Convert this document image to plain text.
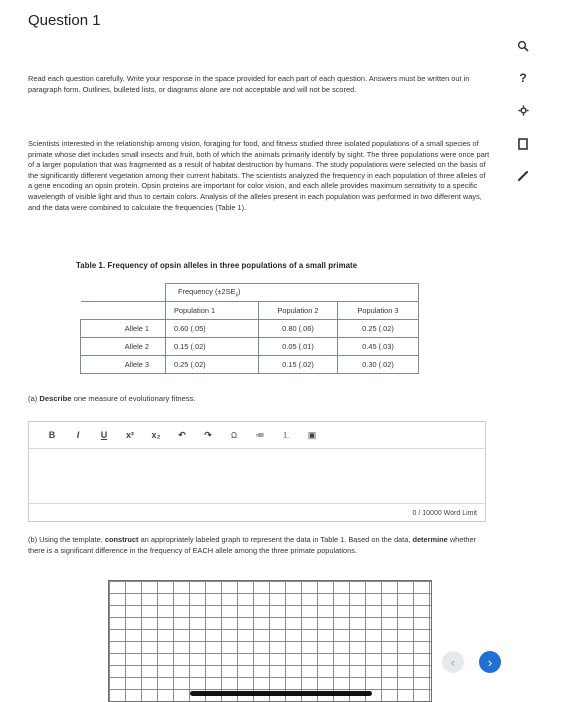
Question 1

Read each question carefully. Write your response in the space provided for each part of each question. Answers must be written out in paragraph form. Outlines, bulleted lists, or diagrams alone are not acceptable and will not be scored.

Scientists interested in the relationship among vision, foraging for food, and fitness studied three isolated populations of a small species of primate whose diet includes small insects and fruit, both of which the animals primarily identify by sight. The three populations were once part of a larger population that was fragmented as a result of habitat destruction by humans. The study populations were selected on the basis of the significantly different vegetation among their current habitats. The scientists analyzed the frequency in each population of three alleles of a gene encoding an opsin protein. Opsin proteins are important for color vision, and each allele provides maximum sensitivity to a specific wavelength of visible light and thus to certain colors. Analysis of the alleles present in each population was performed in two different ways, and the data were combined to calculate the frequencies (Table 1).

Table 1. Frequency of opsin alleles in three populations of a small primate
	Frequency $(\pm 2SE_{x̄})$		
	Population 1	Population 2	Population 3
Allele 1	0.60 (.05)	0.80 (.06)	0.25 (.02)
Allele 2	0.15 (.02)	0.05 (.01)	0.45 (.03)
Allele 3	0.25 (.02)	0.15 (.02)	0.30 (.02)
(a) Describe one measure of evolutionary fitness.
B	I	U	x²	x₂	↶	↷	Ω	≔	⒈	▣
0 / 10000 Word Limit

(b) Using the template, construct an appropriately labeled graph to represent the data in Table 1. Based on the data, determine whether there is a significant difference in the frequency of EACH allele among the three primate populations.

?
‹	›
